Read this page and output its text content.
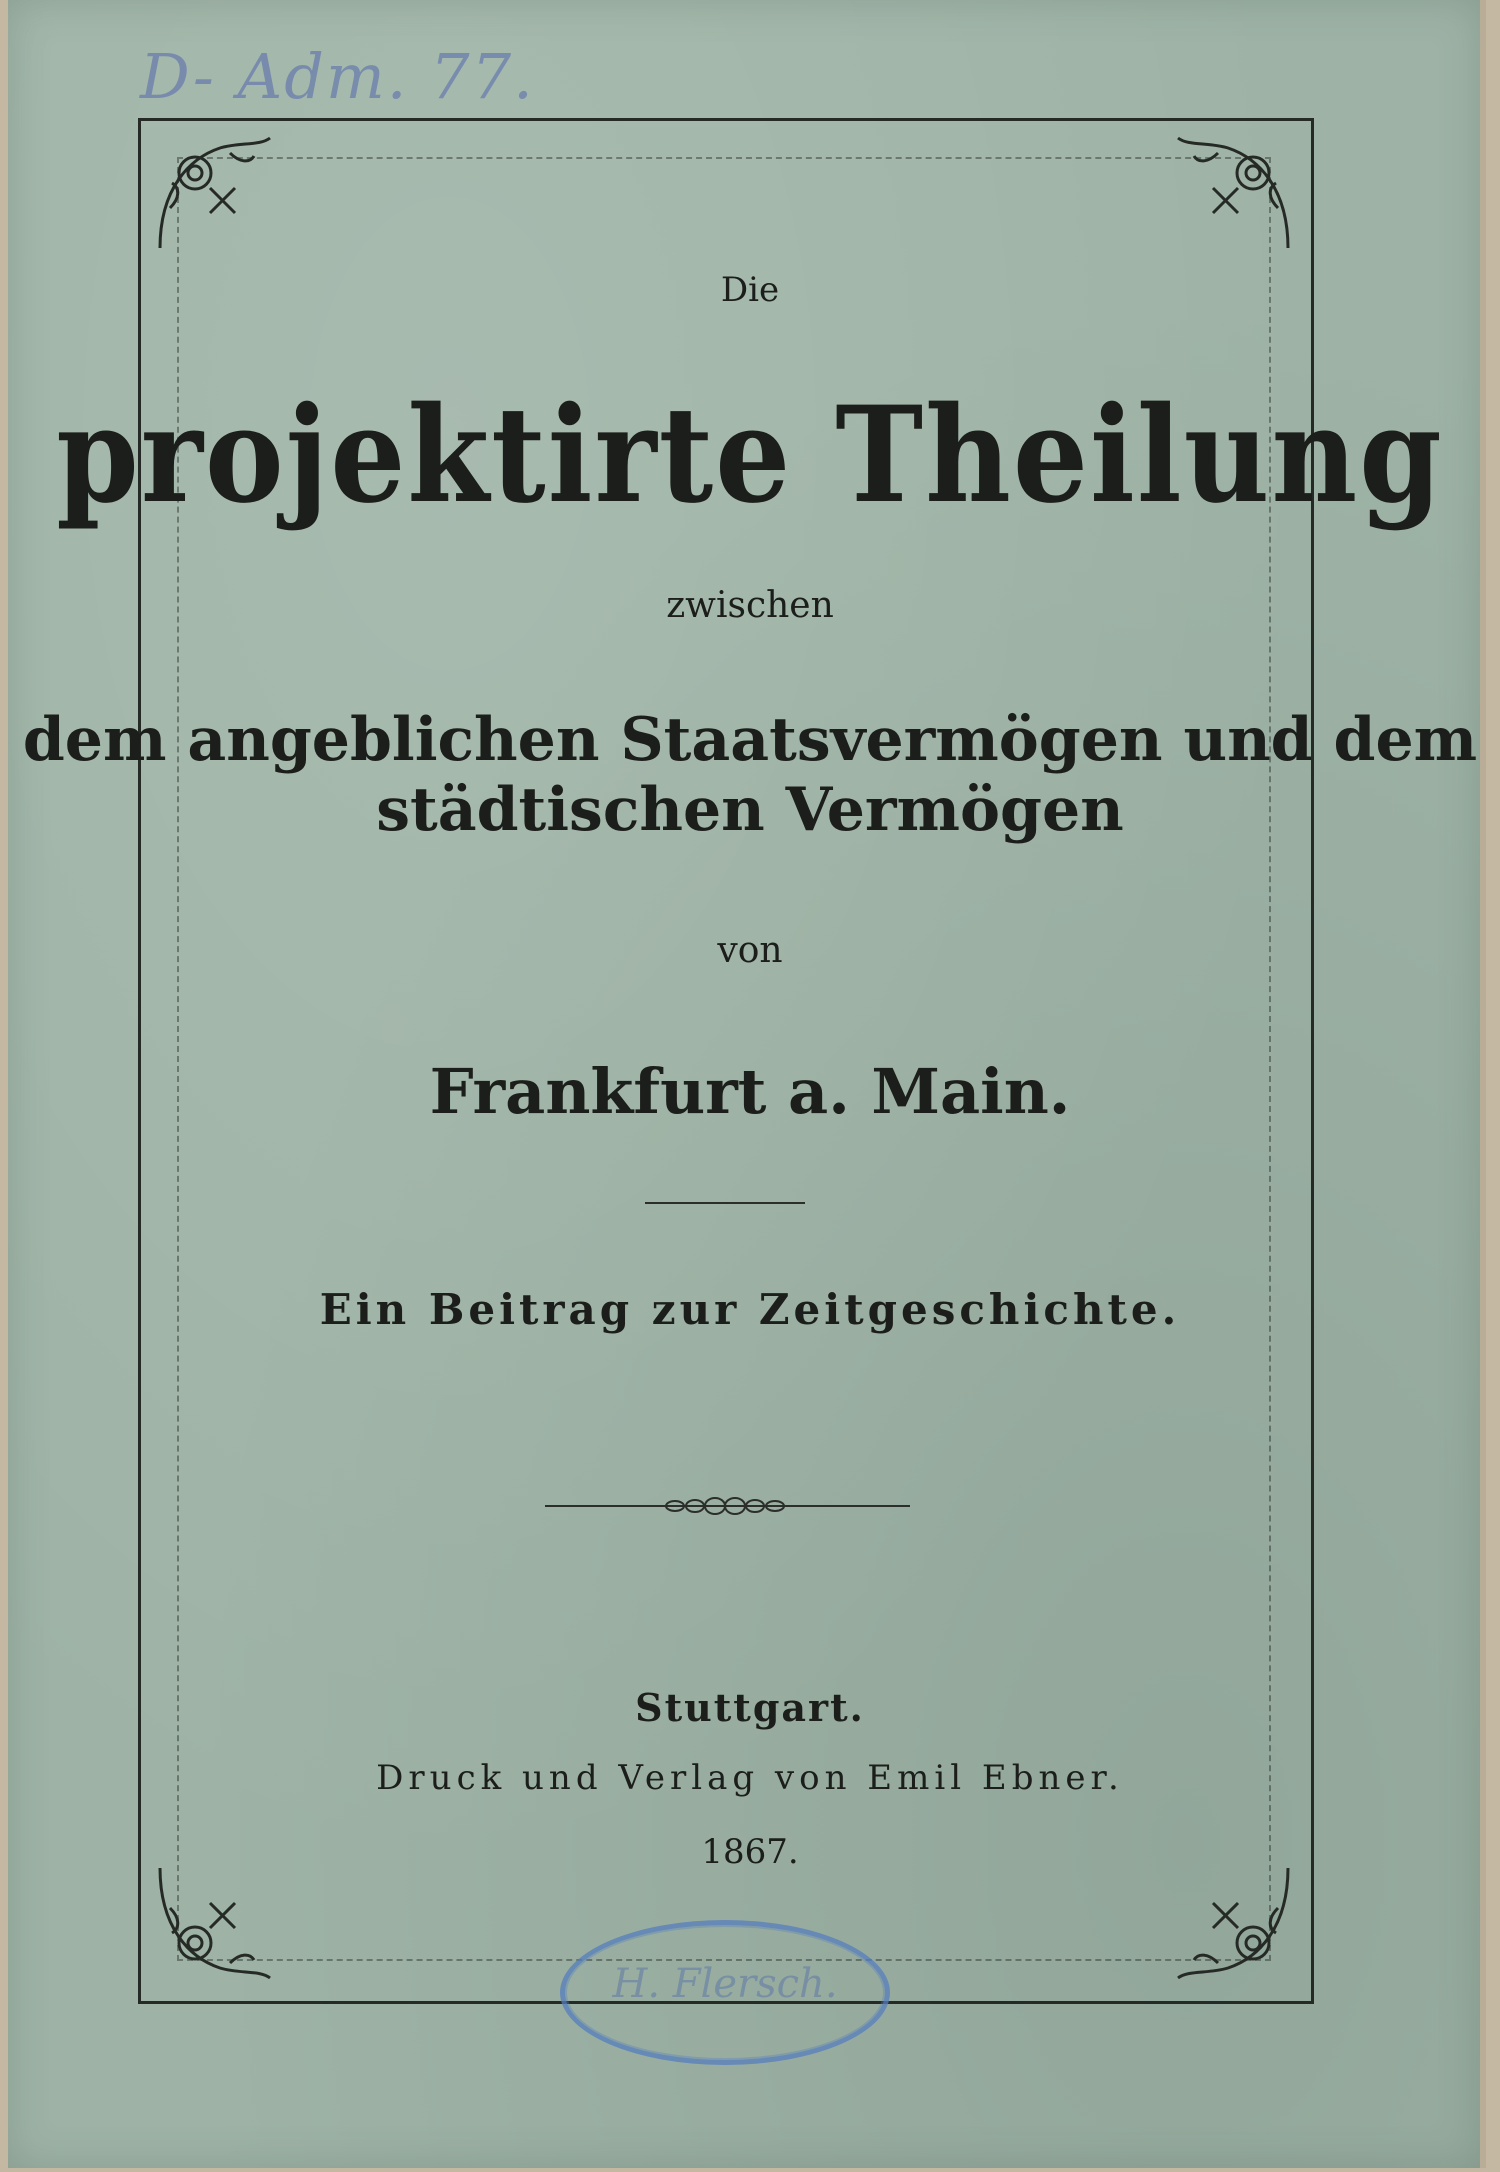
D- Adm. 77.
Die
projektirte Theilung
zwischen
dem angeblichen Staatsvermögen und dem
städtischen Vermögen
von
Frankfurt a. Main.
Ein Beitrag zur Zeitgeschichte.
Stuttgart.
Druck und Verlag von Emil Ebner.
1867.
H. Flersch.
